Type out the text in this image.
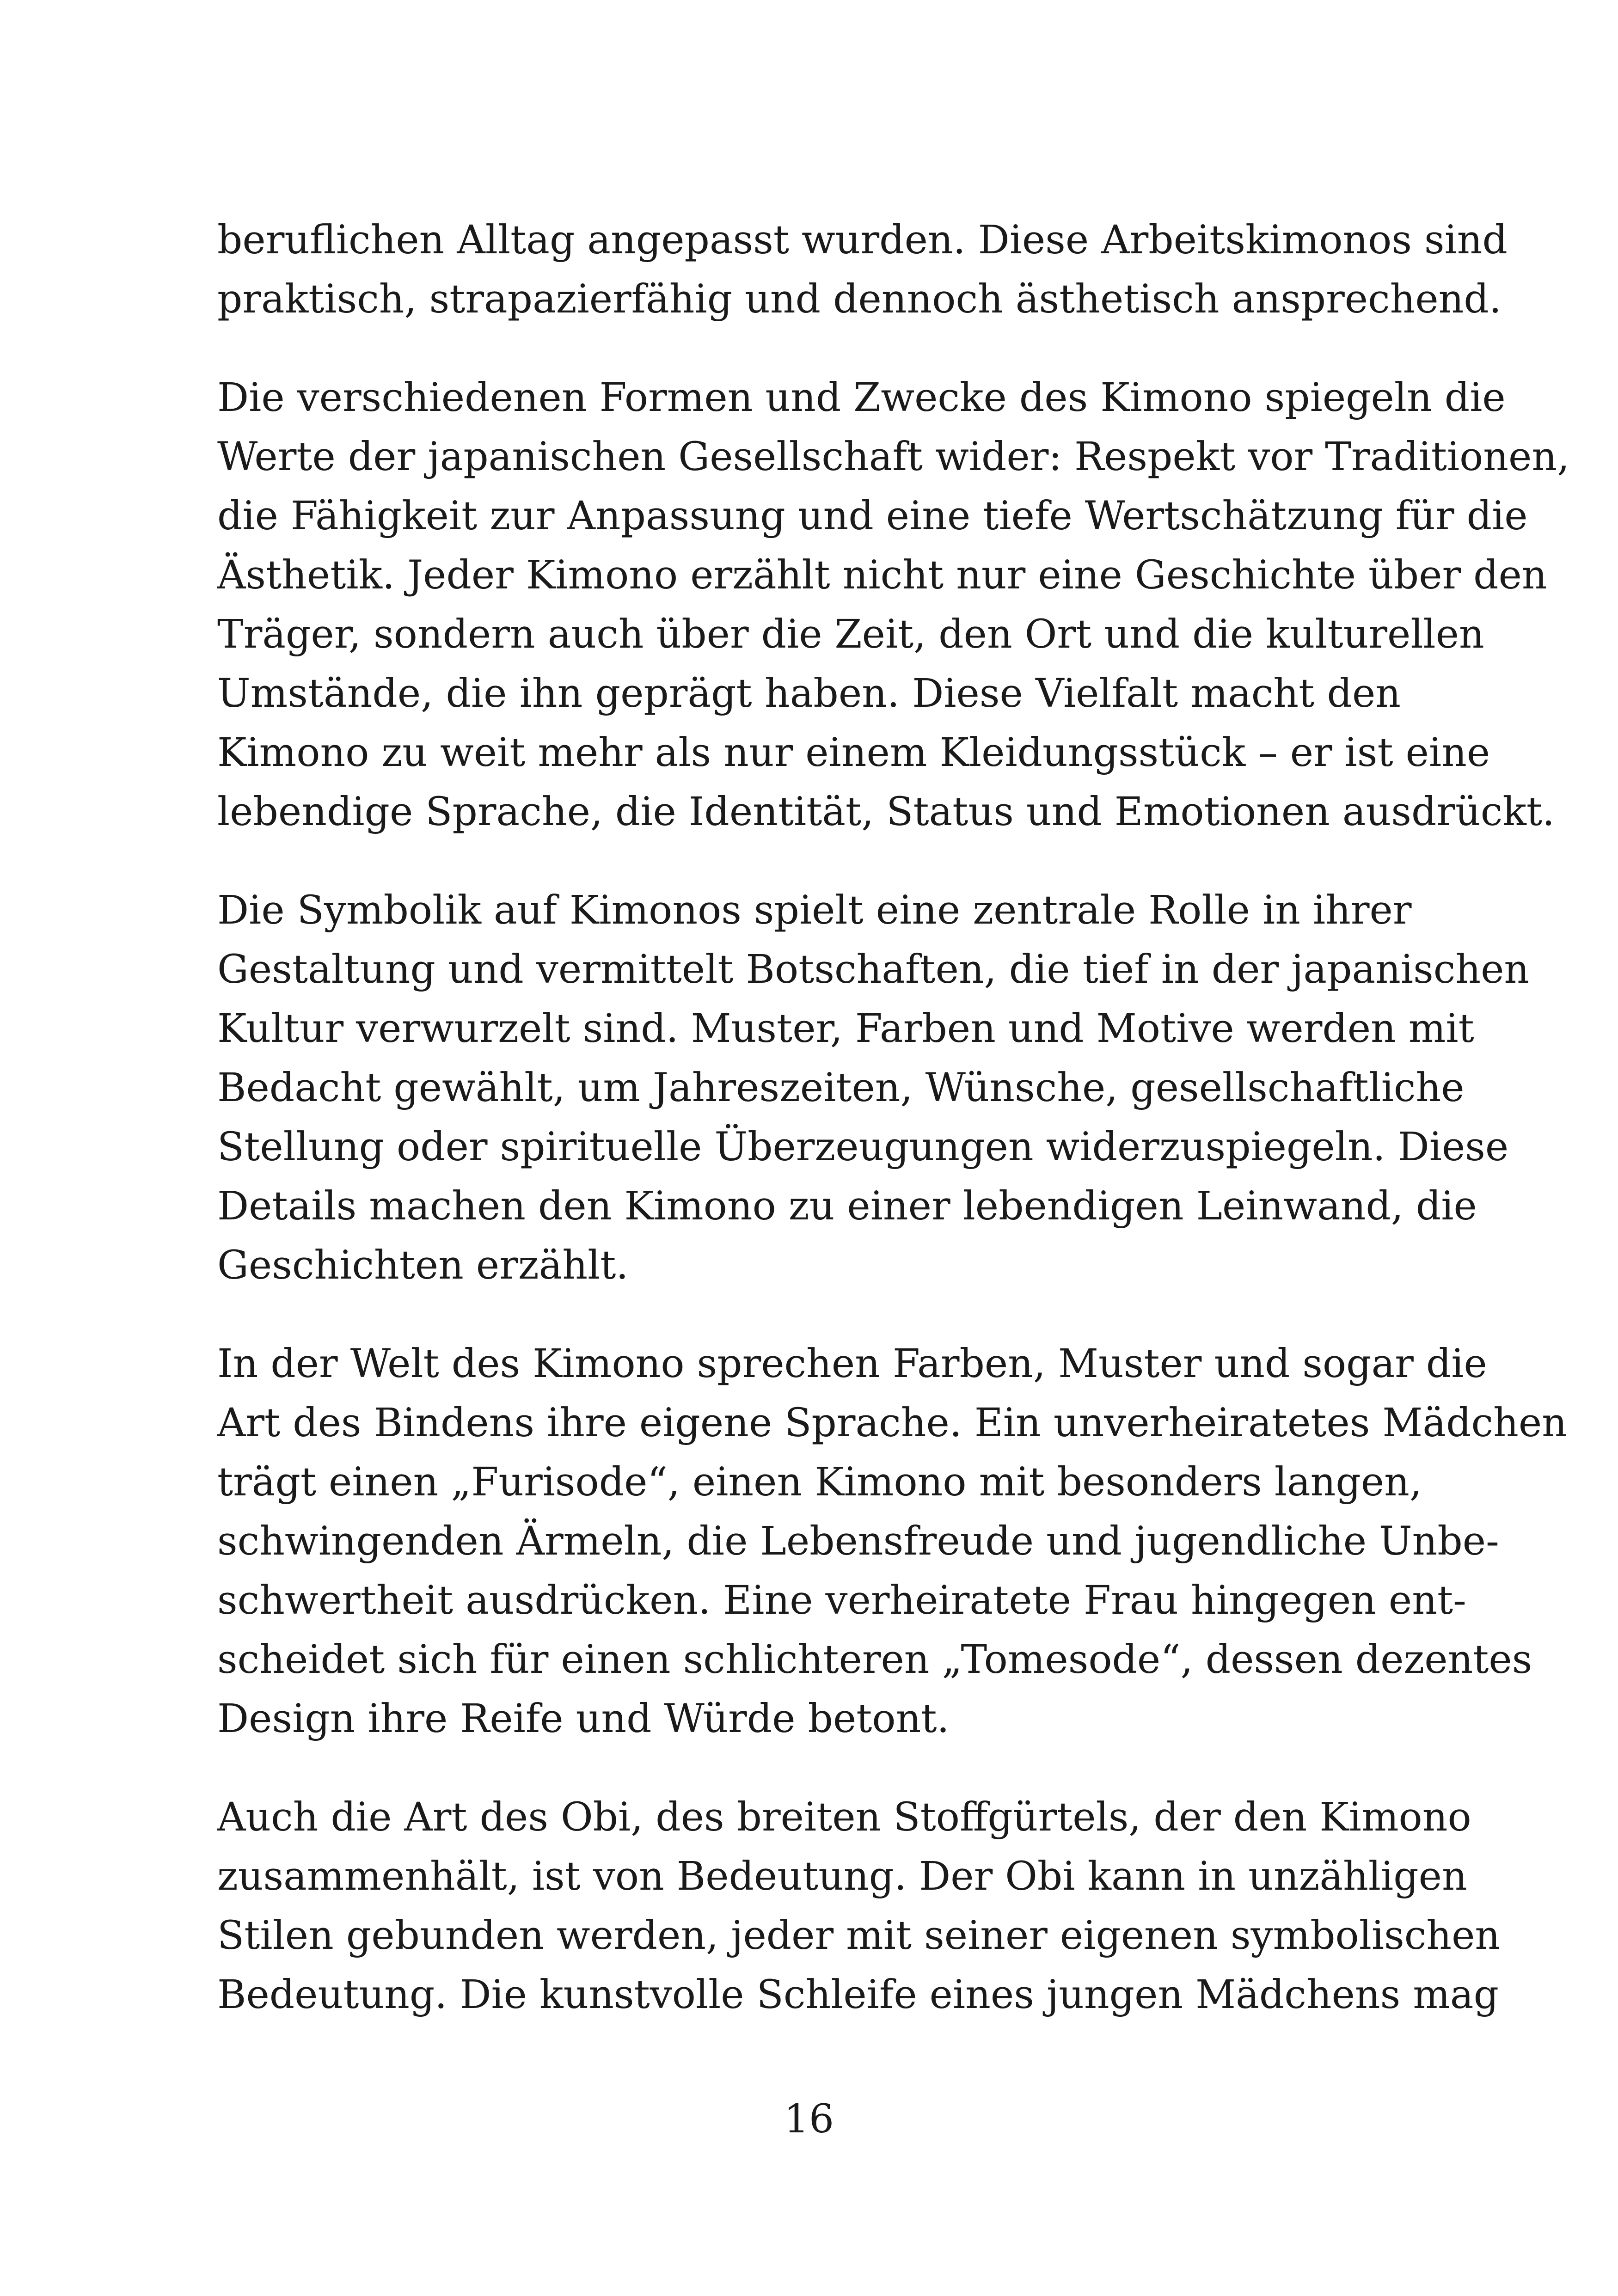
beruflichen Alltag angepasst wurden. Diese Arbeitskimonos sind
praktisch, strapazierfähig und dennoch ästhetisch ansprechend.

Die verschiedenen Formen und Zwecke des Kimono spiegeln die
Werte der japanischen Gesellschaft wider: Respekt vor Traditionen,
die Fähigkeit zur Anpassung und eine tiefe Wertschätzung für die
Ästhetik. Jeder Kimono erzählt nicht nur eine Geschichte über den
Träger, sondern auch über die Zeit, den Ort und die kulturellen
Umstände, die ihn geprägt haben. Diese Vielfalt macht den
Kimono zu weit mehr als nur einem Kleidungsstück – er ist eine
lebendige Sprache, die Identität, Status und Emotionen ausdrückt.

Die Symbolik auf Kimonos spielt eine zentrale Rolle in ihrer
Gestaltung und vermittelt Botschaften, die tief in der japanischen
Kultur verwurzelt sind. Muster, Farben und Motive werden mit
Bedacht gewählt, um Jahreszeiten, Wünsche, gesellschaftliche
Stellung oder spirituelle Überzeugungen widerzuspiegeln. Diese
Details machen den Kimono zu einer lebendigen Leinwand, die
Geschichten erzählt.

In der Welt des Kimono sprechen Farben, Muster und sogar die
Art des Bindens ihre eigene Sprache. Ein unverheiratetes Mädchen
trägt einen „Furisode“, einen Kimono mit besonders langen,
schwingenden Ärmeln, die Lebensfreude und jugendliche Unbe-
schwertheit ausdrücken. Eine verheiratete Frau hingegen ent-
scheidet sich für einen schlichteren „Tomesode“, dessen dezentes
Design ihre Reife und Würde betont.

Auch die Art des Obi, des breiten Stoffgürtels, der den Kimono
zusammenhält, ist von Bedeutung. Der Obi kann in unzähligen
Stilen gebunden werden, jeder mit seiner eigenen symbolischen
Bedeutung. Die kunstvolle Schleife eines jungen Mädchens mag

16
